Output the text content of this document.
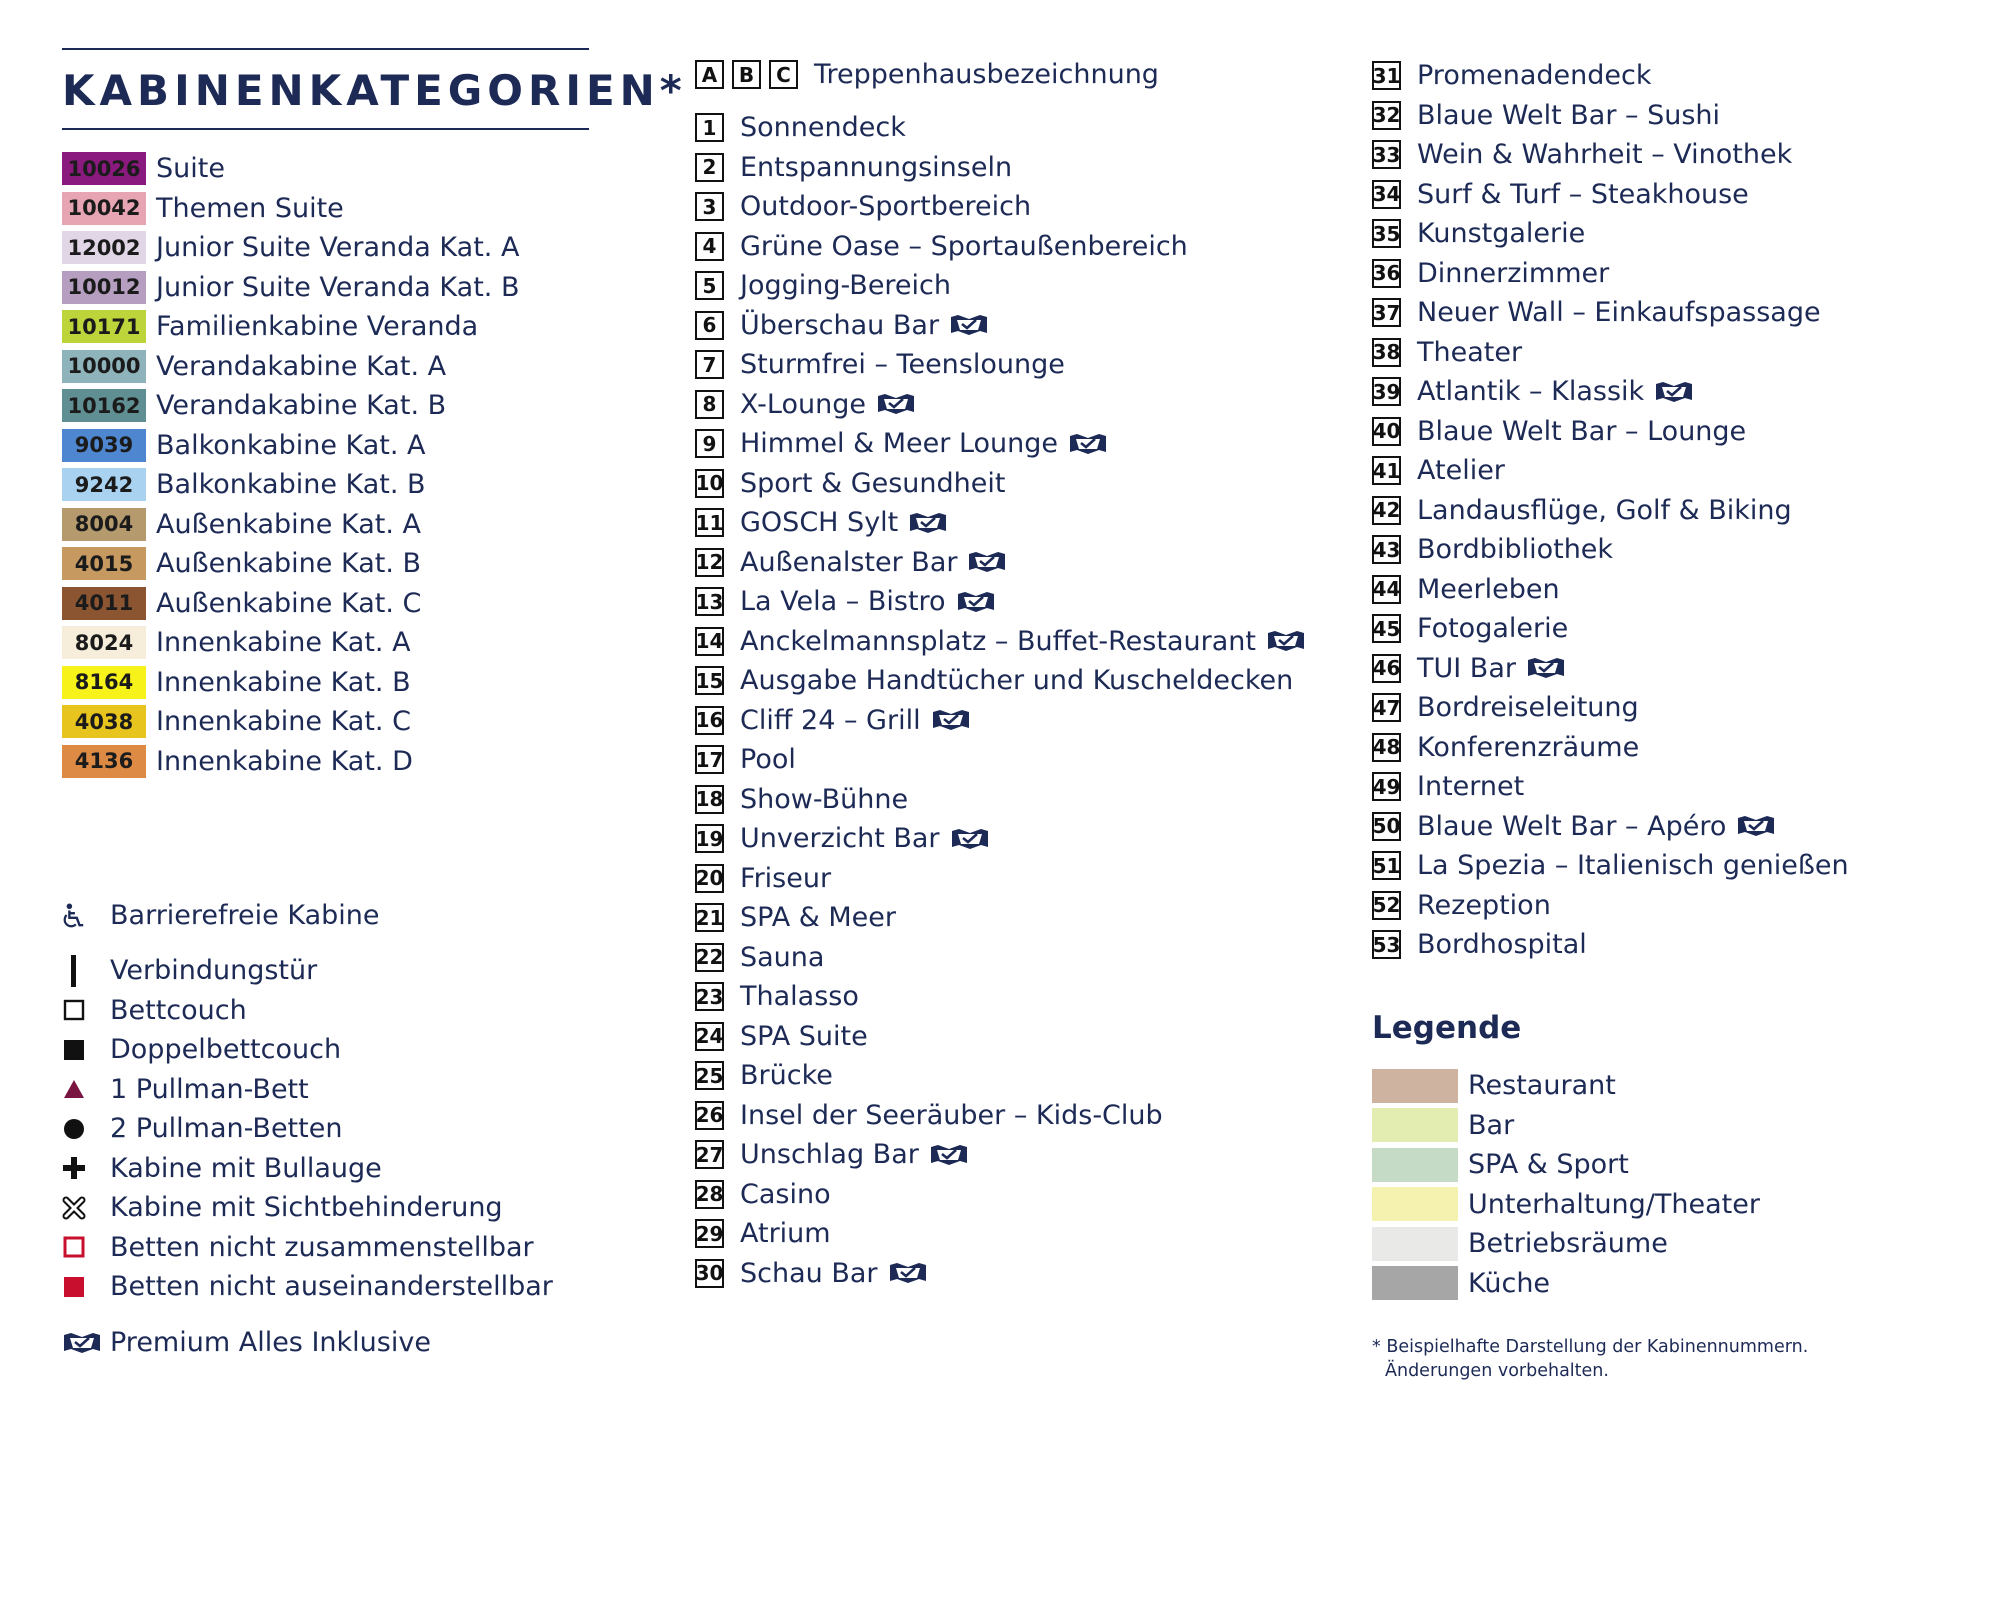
KABINENKATEGORIEN*
10026 Suite
10042 Themen Suite
12002 Junior Suite Veranda Kat. A
10012 Junior Suite Veranda Kat. B
10171 Familienkabine Veranda
10000 Verandakabine Kat. A
10162 Verandakabine Kat. B
9039 Balkonkabine Kat. A
9242 Balkonkabine Kat. B
8004 Außenkabine Kat. A
4015 Außenkabine Kat. B
4011 Außenkabine Kat. C
8024 Innenkabine Kat. A
8164 Innenkabine Kat. B
4038 Innenkabine Kat. C
4136 Innenkabine Kat. D
Barrierefreie Kabine
Verbindungstür
Bettcouch
Doppelbettcouch
1 Pullman-Bett
2 Pullman-Betten
Kabine mit Bullauge
Kabine mit Sichtbehinderung
Betten nicht zusammenstellbar
Betten nicht auseinanderstellbar
Premium Alles Inklusive
A	B	C Treppenhausbezeichnung
1 Sonnendeck
2 Entspannungsinseln
3 Outdoor-Sportbereich
4 Grüne Oase – Sportaußenbereich
5 Jogging-Bereich
6 Überschau Bar
7 Sturmfrei – Teenslounge
8 X-Lounge
9 Himmel & Meer Lounge
10 Sport & Gesundheit
11 GOSCH Sylt
12 Außenalster Bar
13 La Vela – Bistro
14 Anckelmannsplatz – Buffet-Restaurant
15 Ausgabe Handtücher und Kuscheldecken
16 Cliff 24 – Grill
17 Pool
18 Show-Bühne
19 Unverzicht Bar
20 Friseur
21 SPA & Meer
22 Sauna
23 Thalasso
24 SPA Suite
25 Brücke
26 Insel der Seeräuber – Kids-Club
27 Unschlag Bar
28 Casino
29 Atrium
30 Schau Bar
31 Promenadendeck
32 Blaue Welt Bar – Sushi
33 Wein & Wahrheit – Vinothek
34 Surf & Turf – Steakhouse
35 Kunstgalerie
36 Dinnerzimmer
37 Neuer Wall – Einkaufspassage
38 Theater
39 Atlantik – Klassik
40 Blaue Welt Bar – Lounge
41 Atelier
42 Landausflüge, Golf & Biking
43 Bordbibliothek
44 Meerleben
45 Fotogalerie
46 TUI Bar
47 Bordreiseleitung
48 Konferenzräume
49 Internet
50 Blaue Welt Bar – Apéro
51 La Spezia – Italienisch genießen
52 Rezeption
53 Bordhospital
Legende
Restaurant
Bar
SPA & Sport
Unterhaltung/Theater
Betriebsräume
Küche
* Beispielhafte Darstellung der Kabinennummern.
Änderungen vorbehalten.
